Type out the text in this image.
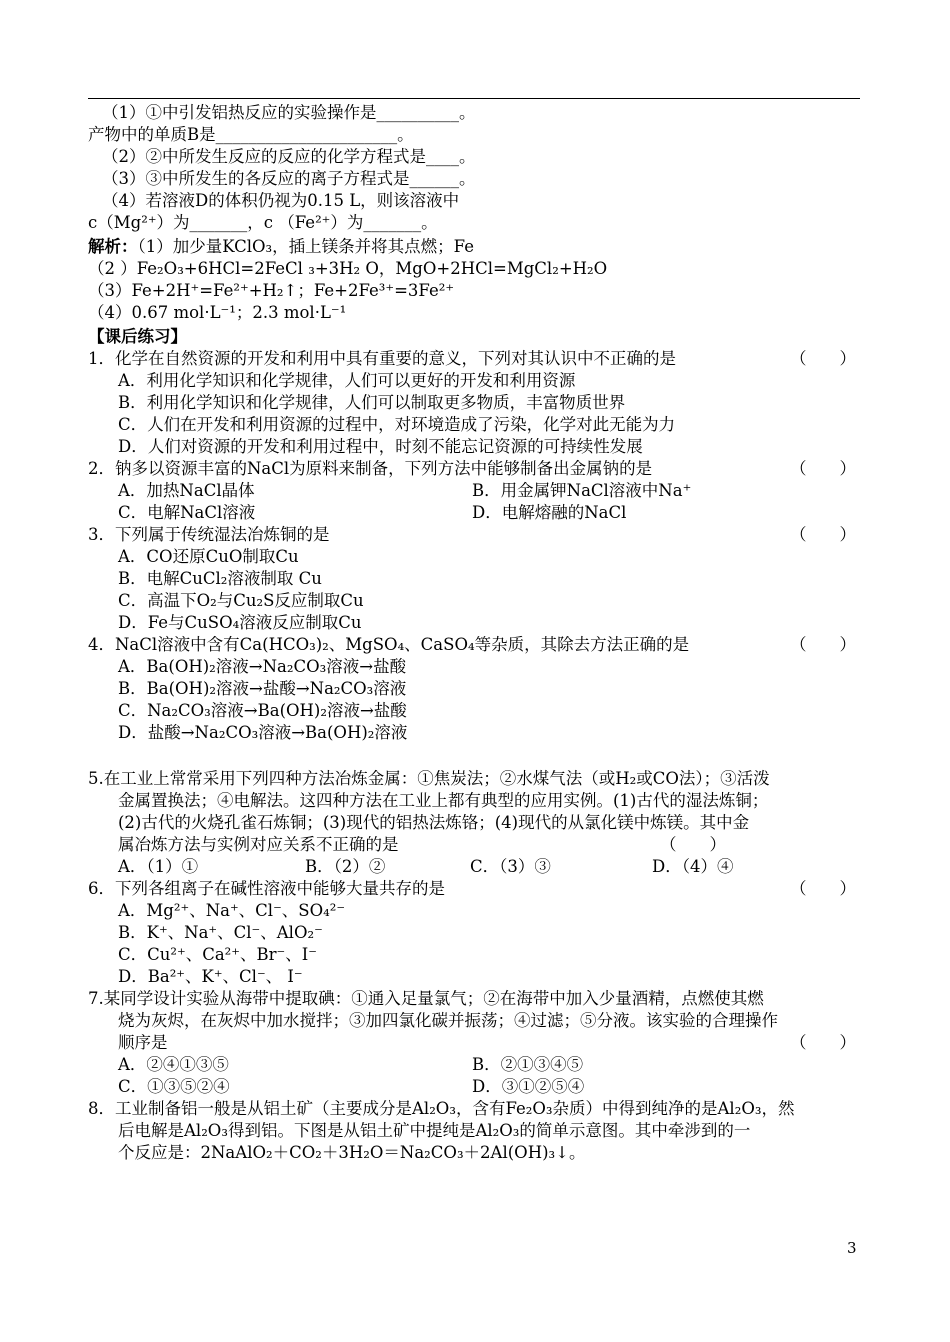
（1）①中引发铝热反应的实验操作是__________。
产物中的单质B是______________________。
（2）②中所发生反应的反应的化学方程式是____。
（3）③中所发生的各反应的离子方程式是______。
（4）若溶液D的体积仍视为0.15 L，则该溶液中
c（Mg²⁺）为_______，c （Fe²⁺）为_______。
解析：（1）加少量KClO₃，插上镁条并将其点燃；Fe
（2 ）Fe₂O₃+6HCl=2FeCl ₃+3H₂ O，MgO+2HCl=MgCl₂+H₂O
（3）Fe+2H⁺=Fe²⁺+H₂↑；Fe+2Fe³⁺=3Fe²⁺
（4）0.67 mol·L⁻¹；2.3 mol·L⁻¹
【课后练习】
1．化学在自然资源的开发和利用中具有重要的意义，下列对其认识中不正确的是	（　　）
A．利用化学知识和化学规律，人们可以更好的开发和利用资源
B．利用化学知识和化学规律，人们可以制取更多物质，丰富物质世界
C．人们在开发和利用资源的过程中，对环境造成了污染，化学对此无能为力
D．人们对资源的开发和利用过程中，时刻不能忘记资源的可持续性发展
2．钠多以资源丰富的NaCl为原料来制备，下列方法中能够制备出金属钠的是	（　　）
A．加热NaCl晶体	B．用金属钾NaCl溶液中Na⁺
C．电解NaCl溶液	D．电解熔融的NaCl
3．下列属于传统湿法冶炼铜的是	（　　）
A．CO还原CuO制取Cu
B．电解CuCl₂溶液制取 Cu
C．高温下O₂与Cu₂S反应制取Cu
D．Fe与CuSO₄溶液反应制取Cu
4．NaCl溶液中含有Ca(HCO₃)₂、MgSO₄、CaSO₄等杂质，其除去方法正确的是	（　　）
A．Ba(OH)₂溶液→Na₂CO₃溶液→盐酸
B．Ba(OH)₂溶液→盐酸→Na₂CO₃溶液
C．Na₂CO₃溶液→Ba(OH)₂溶液→盐酸
D．盐酸→Na₂CO₃溶液→Ba(OH)₂溶液
5.在工业上常常采用下列四种方法冶炼金属：①焦炭法；②水煤气法（或H₂或CO法）；③活泼
金属置换法；④电解法。这四种方法在工业上都有典型的应用实例。(1)古代的湿法炼铜；
(2)古代的火烧孔雀石炼铜；(3)现代的铝热法炼铬；(4)现代的从氯化镁中炼镁。其中金
属冶炼方法与实例对应关系不正确的是	（　　）
A．（1）①	B．（2）②	C．（3）③	D．（4）④
6．下列各组离子在碱性溶液中能够大量共存的是	（　　）
A．Mg²⁺、Na⁺、Cl⁻、SO₄²⁻
B．K⁺、Na⁺、Cl⁻、AlO₂⁻
C．Cu²⁺、Ca²⁺、Br⁻、I⁻
D．Ba²⁺、K⁺、Cl⁻、 I⁻
7.某同学设计实验从海带中提取碘：①通入足量氯气；②在海带中加入少量酒精，点燃使其燃
烧为灰烬，在灰烬中加水搅拌；③加四氯化碳并振荡；④过滤；⑤分液。该实验的合理操作
顺序是	（　　）
A．②④①③⑤	B．②①③④⑤
C．①③⑤②④	D．③①②⑤④
8．工业制备铝一般是从铝土矿（主要成分是Al₂O₃，含有Fe₂O₃杂质）中得到纯净的是Al₂O₃，然
后电解是Al₂O₃得到铝。下图是从铝土矿中提纯是Al₂O₃的简单示意图。其中牵涉到的一
个反应是：2NaAlO₂＋CO₂＋3H₂O＝Na₂CO₃＋2Al(OH)₃↓。
3
